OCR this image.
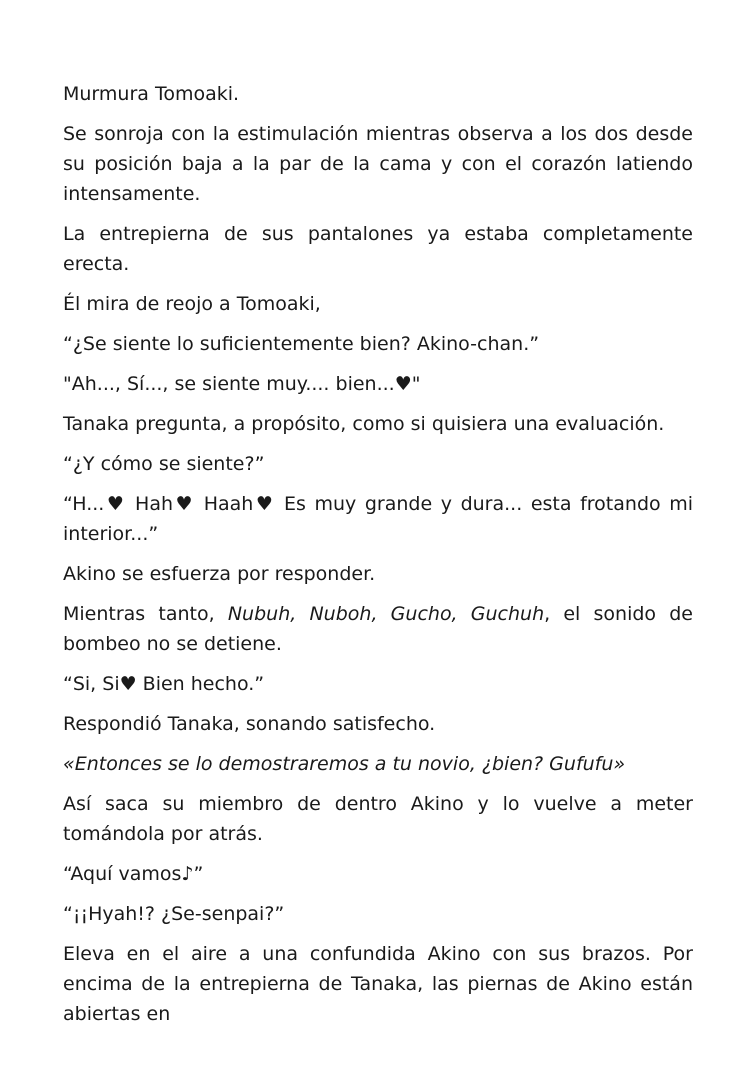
Murmura Tomoaki.

Se sonroja con la estimulación mientras observa a los dos desde su posición baja a la par de la cama y con el corazón latiendo intensamente.

La entrepierna de sus pantalones ya estaba completamente erecta.

Él mira de reojo a Tomoaki,

“¿Se siente lo suficientemente bien? Akino-chan.”

"Ah..., Sí..., se siente muy.... bien...♥"

Tanaka pregunta, a propósito, como si quisiera una evaluación.

“¿Y cómo se siente?”

“H...♥ Hah♥ Haah♥ Es muy grande y dura... esta frotando mi interior...”

Akino se esfuerza por responder.

Mientras tanto, Nubuh, Nuboh, Gucho, Guchuh, el sonido de bombeo no se detiene.

“Si, Si♥ Bien hecho.”

Respondió Tanaka, sonando satisfecho.

«Entonces se lo demostraremos a tu novio, ¿bien? Gufufu»

Así saca su miembro de dentro Akino y lo vuelve a meter tomándola por atrás.

“Aquí vamos♪”

“¡¡Hyah!? ¿Se-senpai?”

Eleva en el aire a una confundida Akino con sus brazos. Por encima de la entrepierna de Tanaka, las piernas de Akino están abiertas en
